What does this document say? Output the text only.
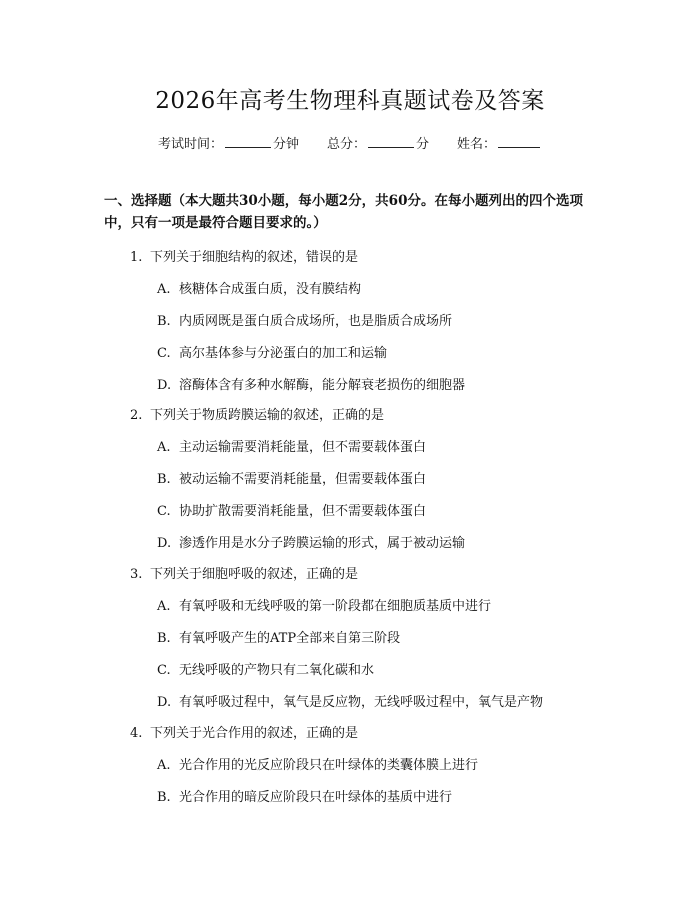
2026年高考生物理科真题试卷及答案
考试时间：	分钟 总分：	分 姓名：
一、选择题（本大题共30小题，每小题2分，共60分。在每小题列出的四个选项中，只有一项是最符合题目要求的。）
1. 下列关于细胞结构的叙述，错误的是
A. 核糖体合成蛋白质，没有膜结构
B. 内质网既是蛋白质合成场所，也是脂质合成场所
C. 高尔基体参与分泌蛋白的加工和运输
D. 溶酶体含有多种水解酶，能分解衰老损伤的细胞器
2. 下列关于物质跨膜运输的叙述，正确的是
A. 主动运输需要消耗能量，但不需要载体蛋白
B. 被动运输不需要消耗能量，但需要载体蛋白
C. 协助扩散需要消耗能量，但不需要载体蛋白
D. 渗透作用是水分子跨膜运输的形式，属于被动运输
3. 下列关于细胞呼吸的叙述，正确的是
A. 有氧呼吸和无线呼吸的第一阶段都在细胞质基质中进行
B. 有氧呼吸产生的ATP全部来自第三阶段
C. 无线呼吸的产物只有二氧化碳和水
D. 有氧呼吸过程中，氧气是反应物，无线呼吸过程中，氧气是产物
4. 下列关于光合作用的叙述，正确的是
A. 光合作用的光反应阶段只在叶绿体的类囊体膜上进行
B. 光合作用的暗反应阶段只在叶绿体的基质中进行
